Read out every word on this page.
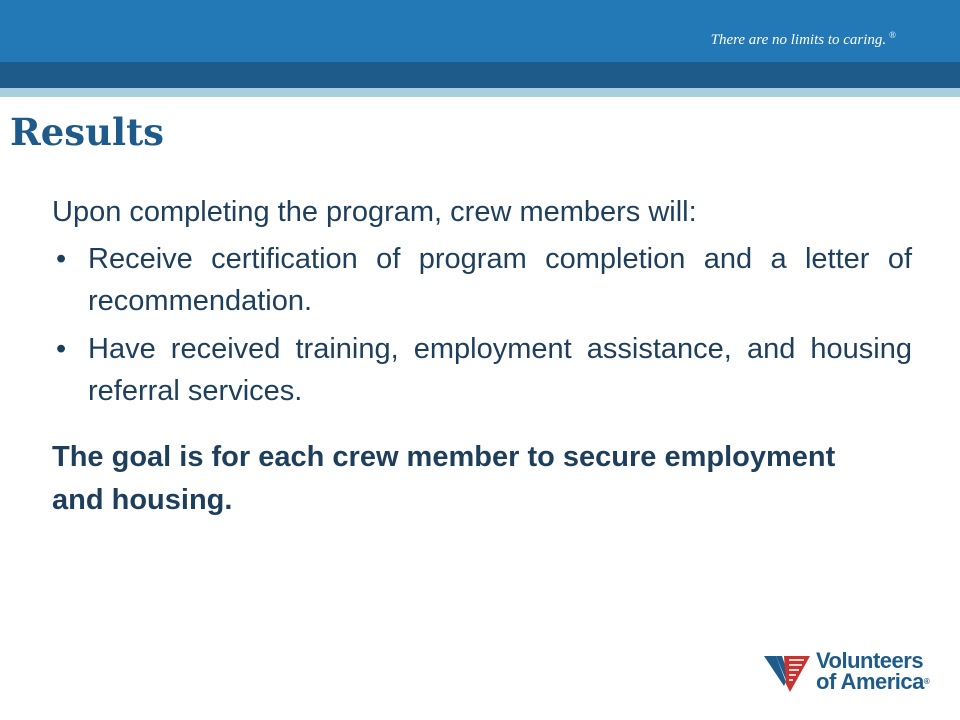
There are no limits to caring. ®
Results

Upon completing the program, crew members will:

• Receive certification of program completion and a letter of recommendation.
• Have received training, employment assistance, and housing referral services.

The goal is for each crew member to secure employment and housing.

Volunteers
of America®
